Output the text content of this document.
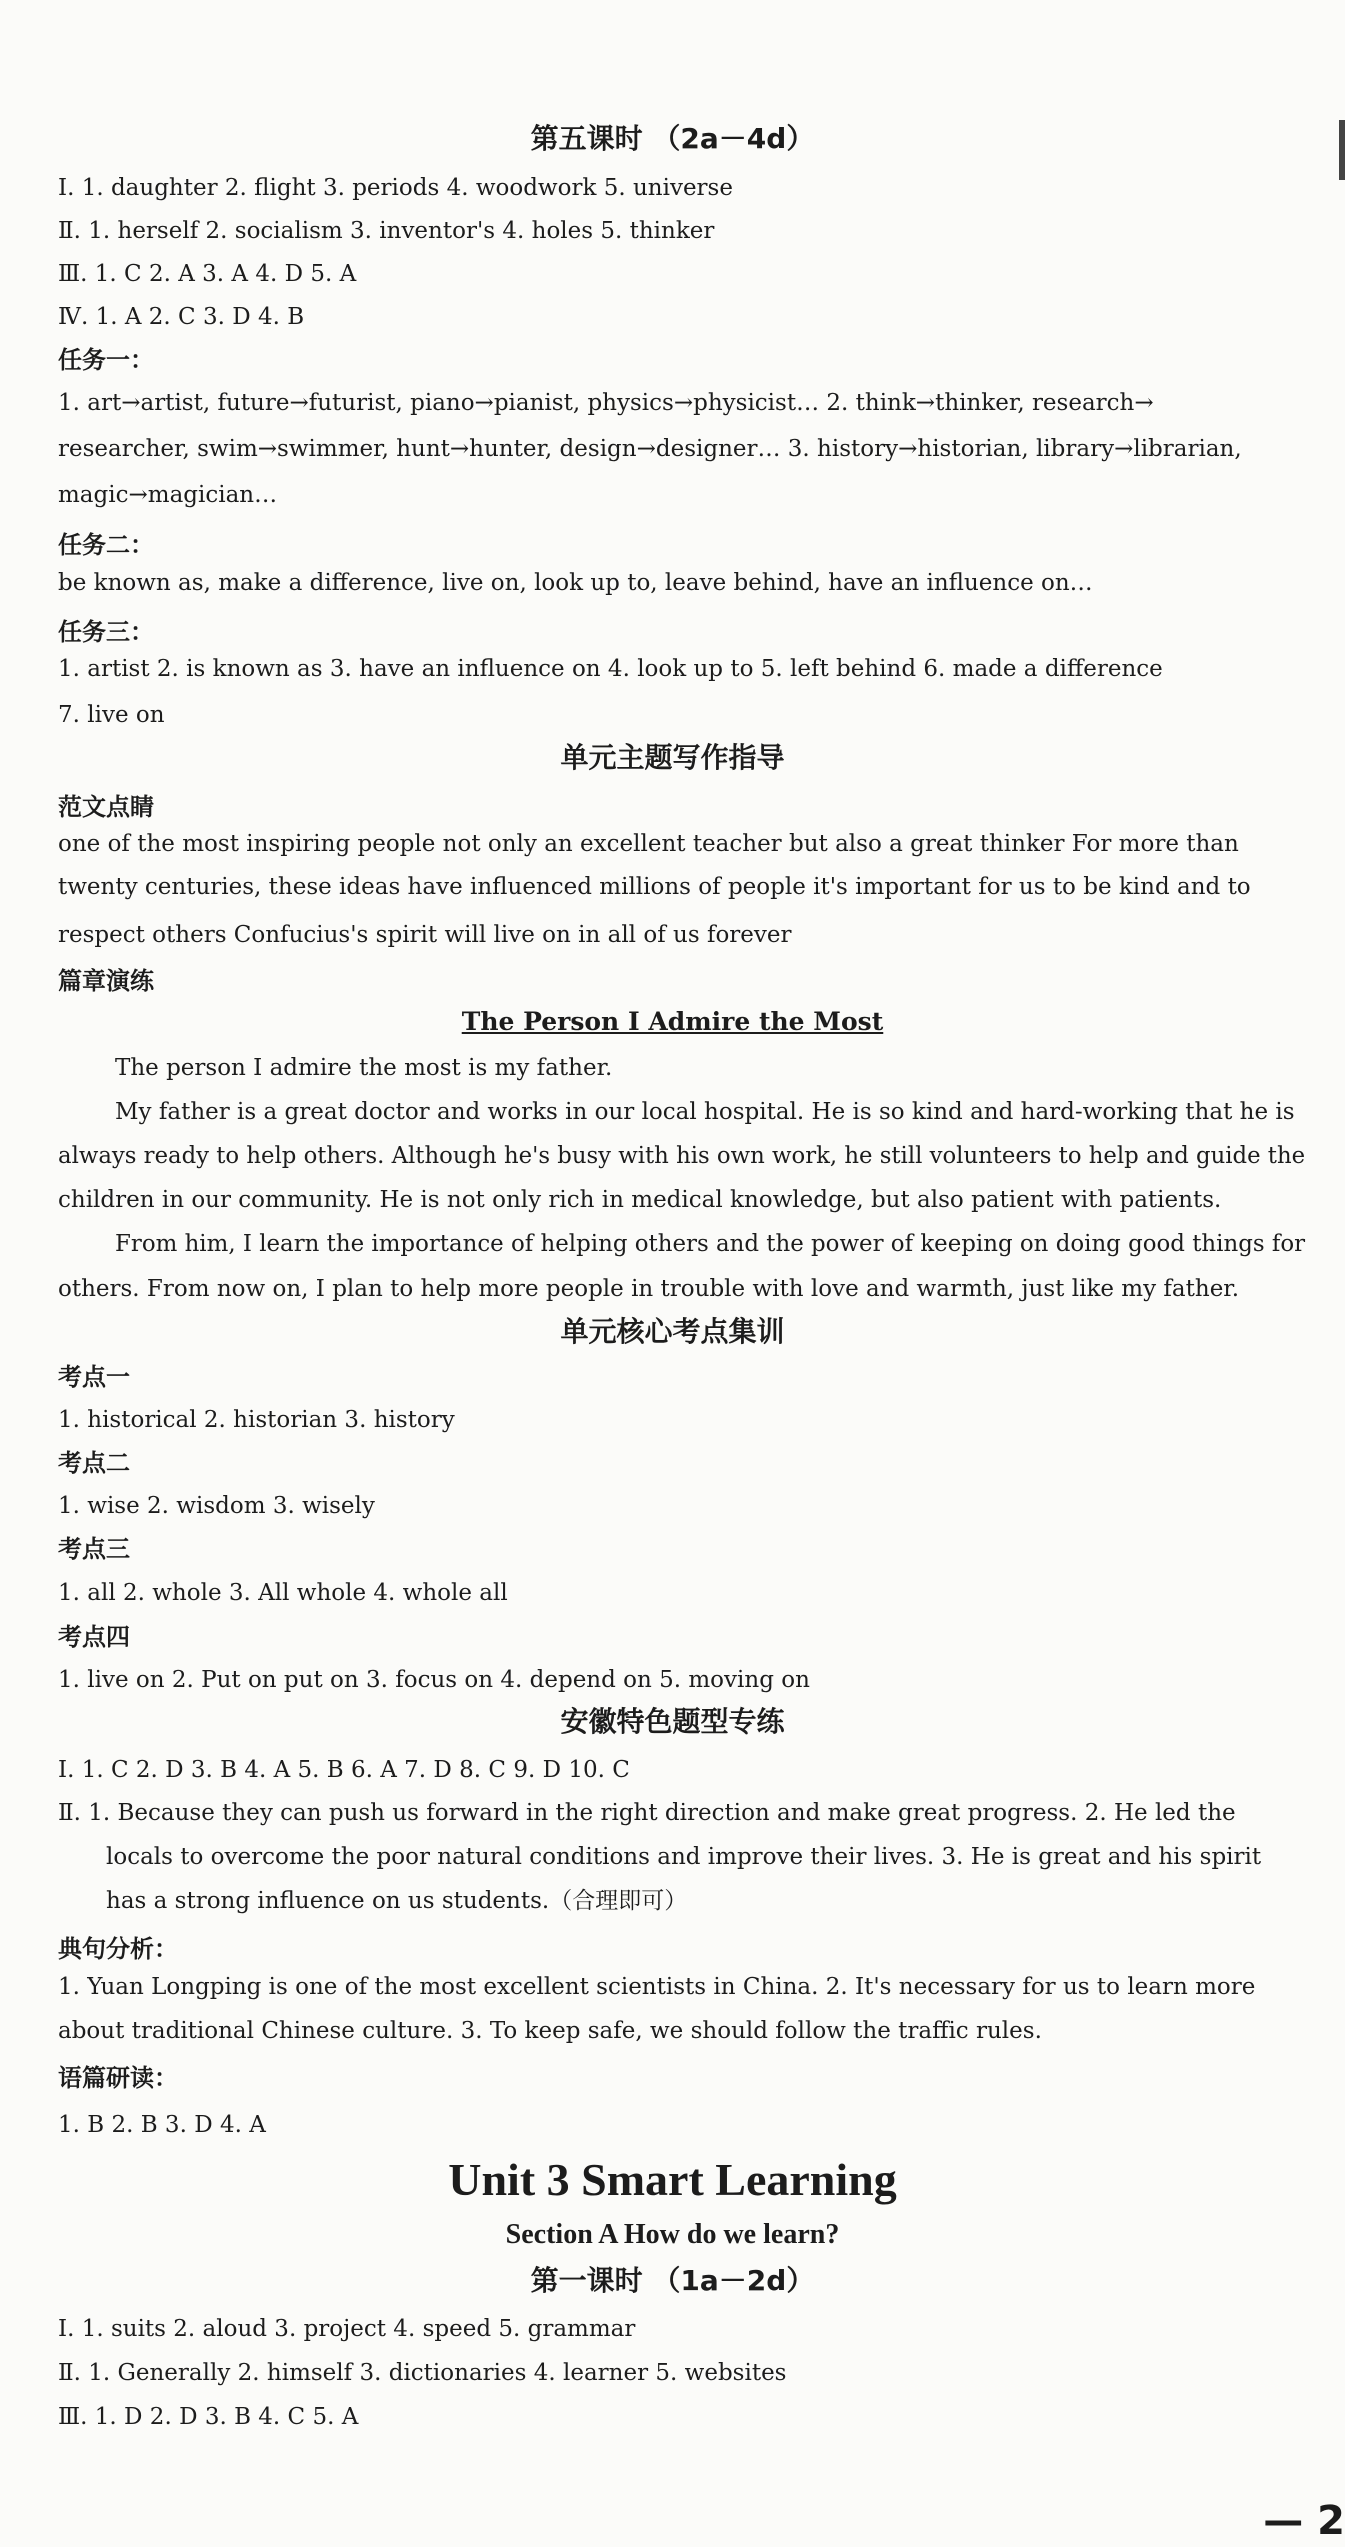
第五课时 （2a－4d）
Ⅰ. 1. daughter 2. flight 3. periods 4. woodwork 5. universe
Ⅱ. 1. herself 2. socialism 3. inventor's 4. holes 5. thinker
Ⅲ. 1. C 2. A 3. A 4. D 5. A
Ⅳ. 1. A 2. C 3. D 4. B
任务一：
1. art→artist, future→futurist, piano→pianist, physics→physicist… 2. think→thinker, research→
researcher, swim→swimmer, hunt→hunter, design→designer… 3. history→historian, library→librarian,
magic→magician…
任务二：
be known as, make a difference, live on, look up to, leave behind, have an influence on…
任务三：
1. artist 2. is known as 3. have an influence on 4. look up to 5. left behind 6. made a difference
7. live on
单元主题写作指导
范文点睛
one of the most inspiring people not only an excellent teacher but also a great thinker For more than
twenty centuries, these ideas have influenced millions of people it's important for us to be kind and to
respect others Confucius's spirit will live on in all of us forever
篇章演练
The Person I Admire the Most
The person I admire the most is my father.
My father is a great doctor and works in our local hospital. He is so kind and hard-working that he is
always ready to help others. Although he's busy with his own work, he still volunteers to help and guide the
children in our community. He is not only rich in medical knowledge, but also patient with patients.
From him, I learn the importance of helping others and the power of keeping on doing good things for
others. From now on, I plan to help more people in trouble with love and warmth, just like my father.
单元核心考点集训
考点一
1. historical 2. historian 3. history
考点二
1. wise 2. wisdom 3. wisely
考点三
1. all 2. whole 3. All whole 4. whole all
考点四
1. live on 2. Put on put on 3. focus on 4. depend on 5. moving on
安徽特色题型专练
Ⅰ. 1. C 2. D 3. B 4. A 5. B 6. A 7. D 8. C 9. D 10. C
Ⅱ. 1. Because they can push us forward in the right direction and make great progress. 2. He led the
locals to overcome the poor natural conditions and improve their lives. 3. He is great and his spirit
has a strong influence on us students.（合理即可）
典句分析：
1. Yuan Longping is one of the most excellent scientists in China. 2. It's necessary for us to learn more
about traditional Chinese culture. 3. To keep safe, we should follow the traffic rules.
语篇研读：
1. B 2. B 3. D 4. A
Unit 3 Smart Learning
Section A How do we learn?
第一课时 （1a－2d）
Ⅰ. 1. suits 2. aloud 3. project 4. speed 5. grammar
Ⅱ. 1. Generally 2. himself 3. dictionaries 4. learner 5. websites
Ⅲ. 1. D 2. D 3. B 4. C 5. A
— 2
